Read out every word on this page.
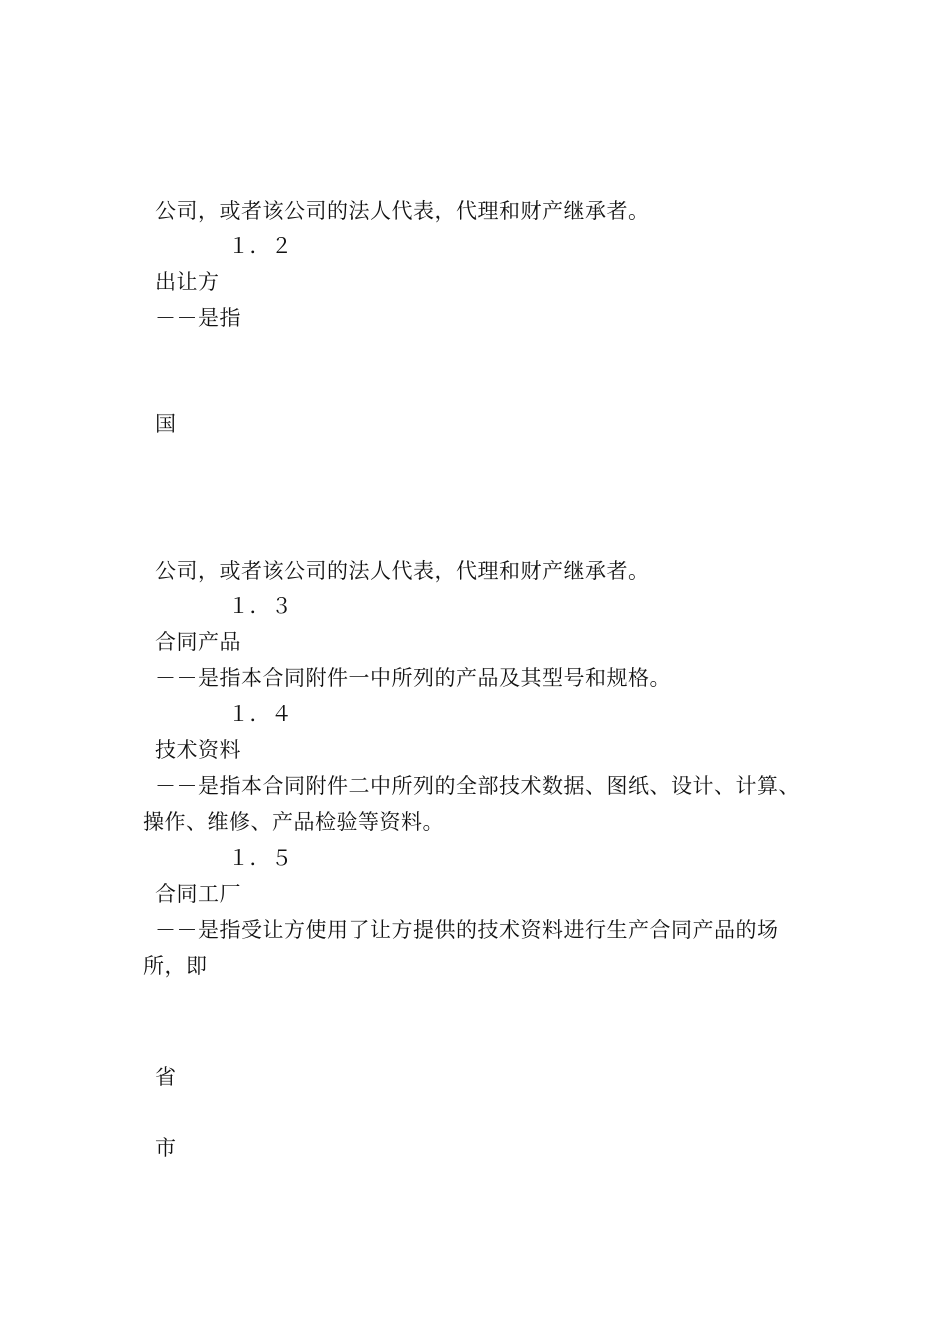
公司，或者该公司的法人代表，代理和财产继承者。
１．２
出让方
－－是指
国
公司，或者该公司的法人代表，代理和财产继承者。
１．３
合同产品
－－是指本合同附件一中所列的产品及其型号和规格。
１．４
技术资料
－－是指本合同附件二中所列的全部技术数据、图纸、设计、计算、
操作、维修、产品检验等资料。
１．５
合同工厂
－－是指受让方使用了让方提供的技术资料进行生产合同产品的场
所，即
省
市
